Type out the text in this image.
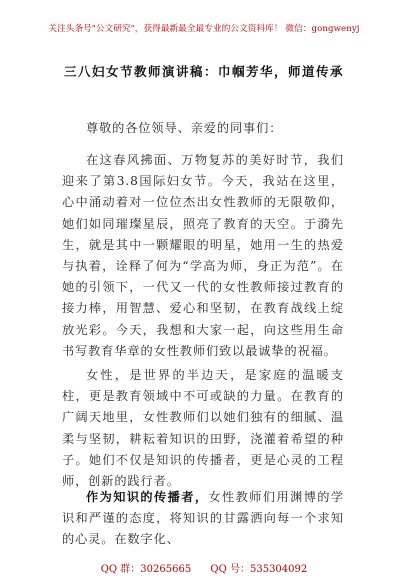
关注头条号"公文研究"，获得最新最全最专业的公文资料库！ 微信：gongwenyj
三八妇女节教师演讲稿：巾帼芳华，师道传承

尊敬的各位领导、亲爱的同事们：

在这春风拂面、万物复苏的美好时节，我们迎来了第3.8国际妇女节。今天，我站在这里，心中涌动着对一位位杰出女性教师的无限敬仰，她们如同璀璨星辰，照亮了教育的天空。于漪先生，就是其中一颗耀眼的明星，她用一生的热爱与执着，诠释了何为“学高为师，身正为范”。在她的引领下，一代又一代的女性教师接过教育的接力棒，用智慧、爱心和坚韧，在教育战线上绽放光彩。今天，我想和大家一起，向这些用生命书写教育华章的女性教师们致以最诚挚的祝福。

女性，是世界的半边天，是家庭的温暖支柱，更是教育领域中不可或缺的力量。在教育的广阔天地里，女性教师们以她们独有的细腻、温柔与坚韧，耕耘着知识的田野，浇灌着希望的种子。她们不仅是知识的传播者，更是心灵的工程师，创新的践行者。

作为知识的传播者，女性教师们用渊博的学识和严谨的态度，将知识的甘露洒向每一个求知的心灵。在数字化、

QQ 群：30265665 QQ 号：535304092
